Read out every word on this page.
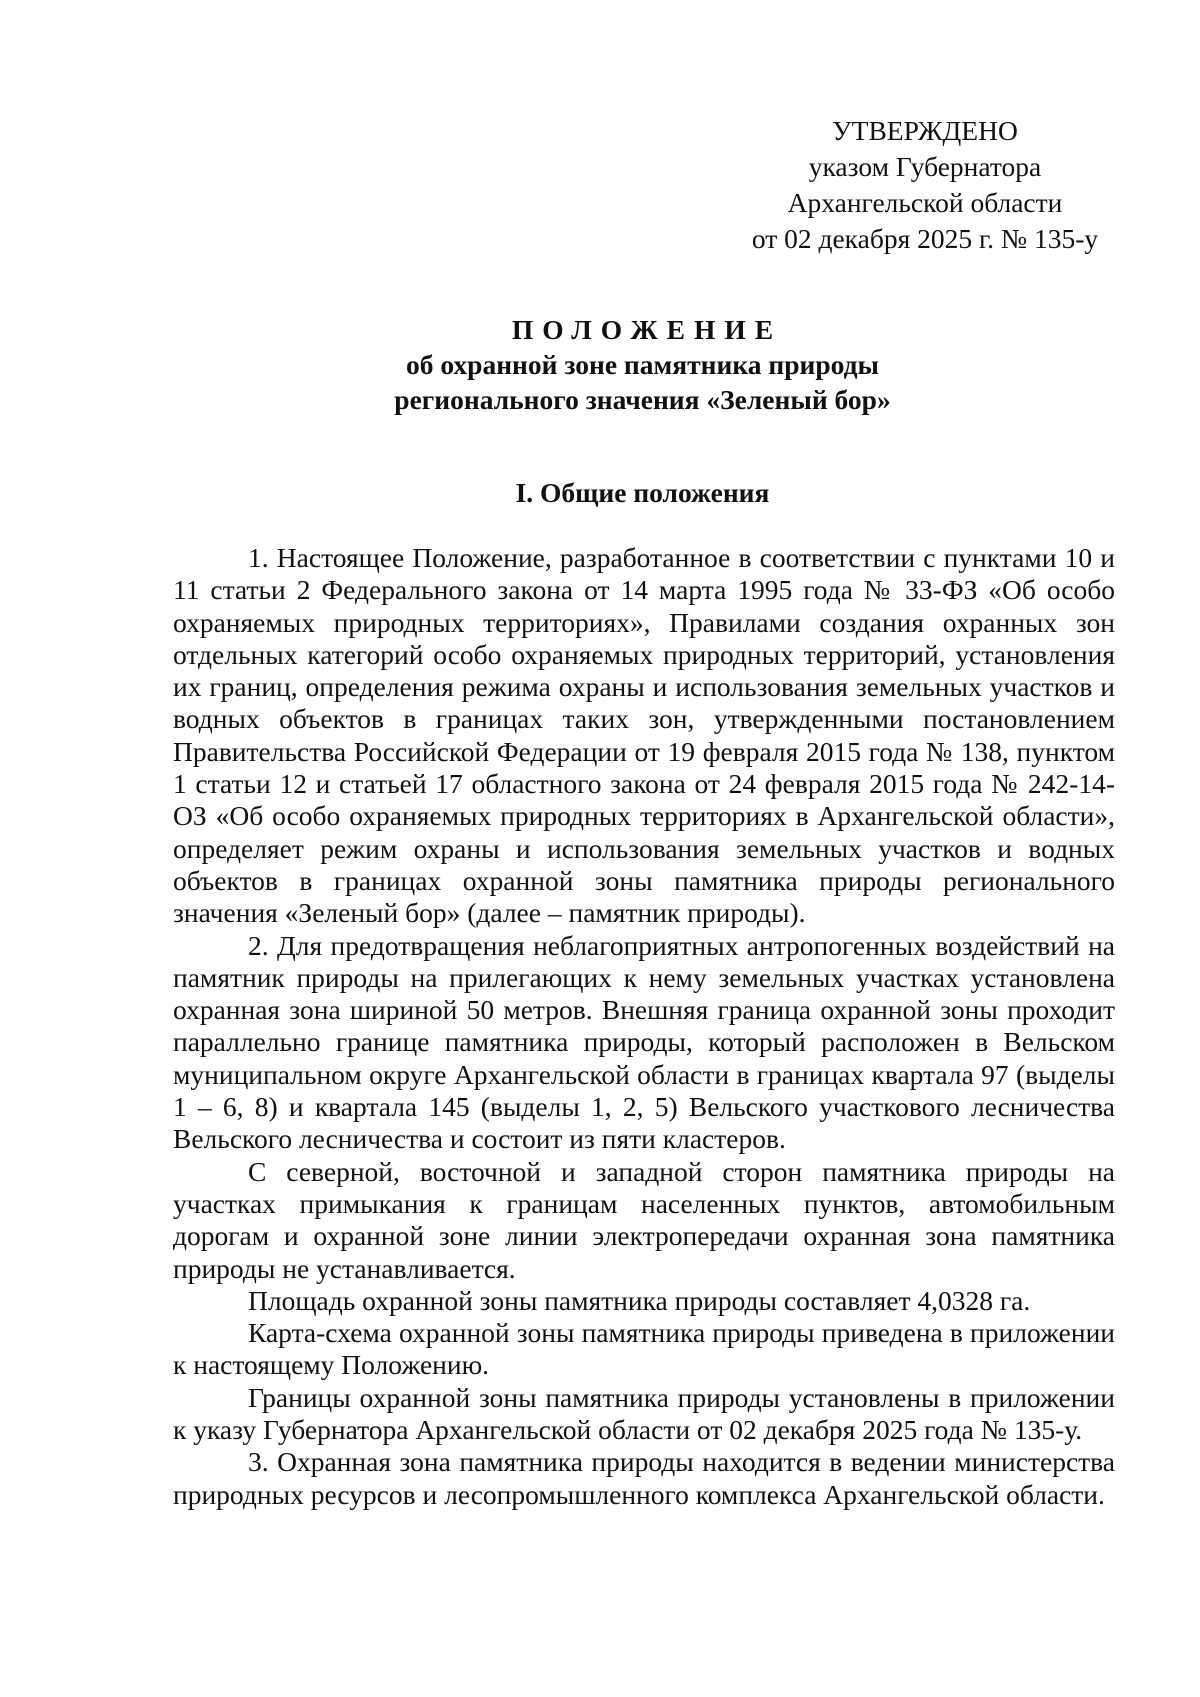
УТВЕРЖДЕНО
указом Губернатора
Архангельской области
от 02 декабря 2025 г. № 135-у
ПОЛОЖЕНИЕ
об охранной зоне памятника природы
регионального значения «Зеленый бор»
I. Общие положения

1. Настоящее Положение, разработанное в соответствии с пунктами 10 и 11 статьи 2 Федерального закона от 14 марта 1995 года № 33-ФЗ «Об особо охраняемых природных территориях», Правилами создания охранных зон отдельных категорий особо охраняемых природных территорий, установления их границ, определения режима охраны и использования земельных участков и водных объектов в границах таких зон, утвержденными постановлением Правительства Российской Федерации от 19 февраля 2015 года № 138, пунктом 1 статьи 12 и статьей 17 областного закона от 24 февраля 2015 года № 242-14-ОЗ «Об особо охраняемых природных территориях в Архангельской области», определяет режим охраны и использования земельных участков и водных объектов в границах охранной зоны памятника природы регионального значения «Зеленый бор» (далее – памятник природы).

2. Для предотвращения неблагоприятных антропогенных воздействий на памятник природы на прилегающих к нему земельных участках установлена охранная зона шириной 50 метров. Внешняя граница охранной зоны проходит параллельно границе памятника природы, который расположен в Вельском муниципальном округе Архангельской области в границах квартала 97 (выделы 1 – 6, 8) и квартала 145 (выделы 1, 2, 5) Вельского участкового лесничества Вельского лесничества и состоит из пяти кластеров.

С северной, восточной и западной сторон памятника природы на участках примыкания к границам населенных пунктов, автомобильным дорогам и охранной зоне линии электропередачи охранная зона памятника природы не устанавливается.

Площадь охранной зоны памятника природы составляет 4,0328 га.

Карта-схема охранной зоны памятника природы приведена в приложении к настоящему Положению.

Границы охранной зоны памятника природы установлены в приложении к указу Губернатора Архангельской области от 02 декабря 2025 года № 135-у.

3. Охранная зона памятника природы находится в ведении министерства природных ресурсов и лесопромышленного комплекса Архангельской области.
